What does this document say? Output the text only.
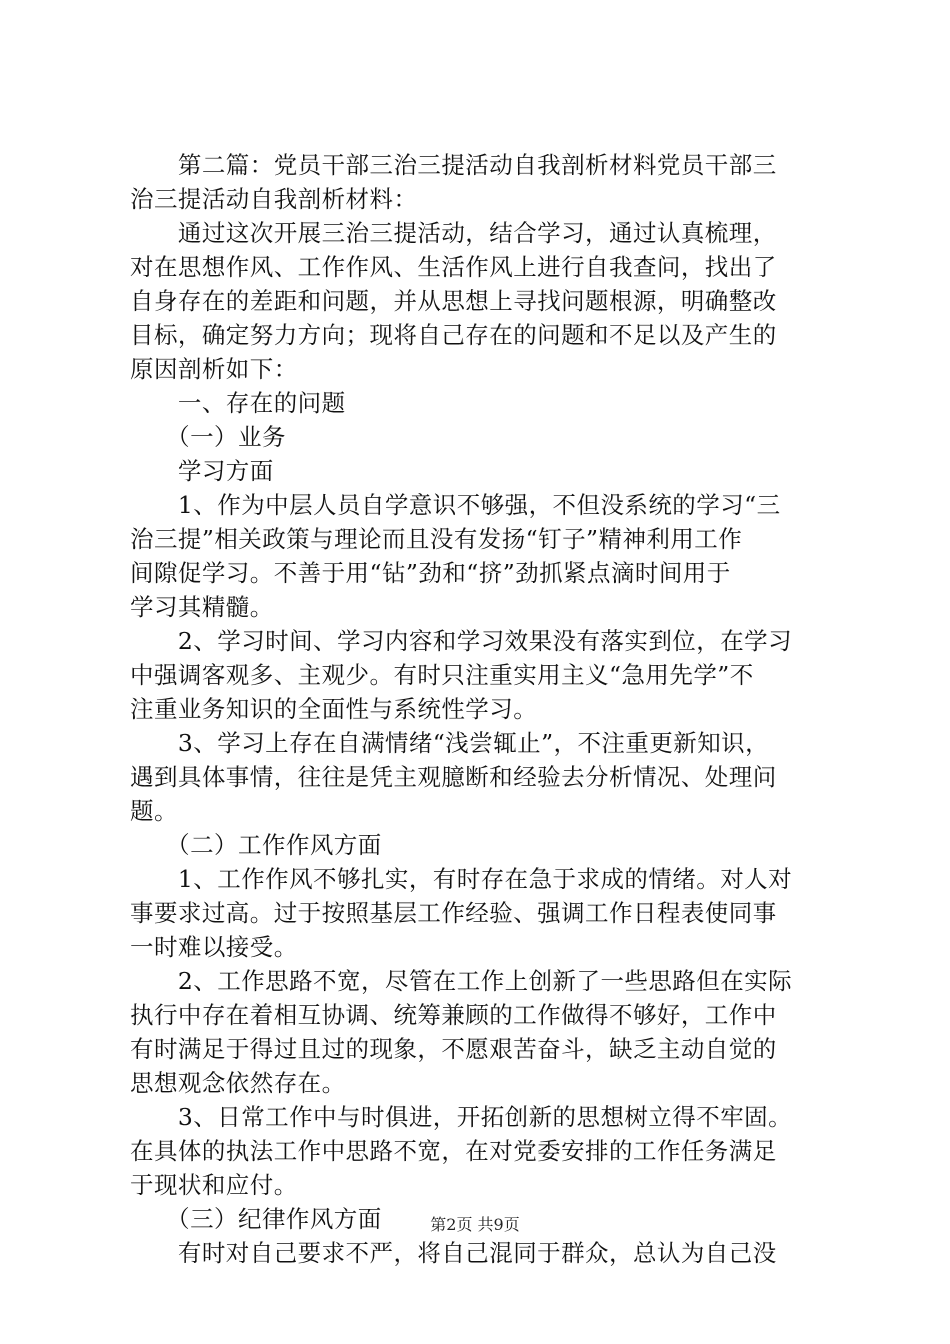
　　第二篇：党员干部三治三提活动自我剖析材料党员干部三
治三提活动自我剖析材料：
　　通过这次开展三治三提活动，结合学习，通过认真梳理，
对在思想作风、工作作风、生活作风上进行自我查问，找出了
自身存在的差距和问题，并从思想上寻找问题根源，明确整改
目标，确定努力方向；现将自己存在的问题和不足以及产生的
原因剖析如下：
　　一、存在的问题
　　（一）业务
　　学习方面
　　1、作为中层人员自学意识不够强，不但没系统的学习“三
治三提”相关政策与理论而且没有发扬“钉子”精神利用工作
间隙促学习。不善于用“钻”劲和“挤”劲抓紧点滴时间用于
学习其精髓。
　　2、学习时间、学习内容和学习效果没有落实到位，在学习
中强调客观多、主观少。有时只注重实用主义“急用先学”不
注重业务知识的全面性与系统性学习。
　　3、学习上存在自满情绪“浅尝辄止”，不注重更新知识，
遇到具体事情，往往是凭主观臆断和经验去分析情况、处理问
题。
　　（二）工作作风方面
　　1、工作作风不够扎实，有时存在急于求成的情绪。对人对
事要求过高。过于按照基层工作经验、强调工作日程表使同事
一时难以接受。
　　2、工作思路不宽，尽管在工作上创新了一些思路但在实际
执行中存在着相互协调、统筹兼顾的工作做得不够好，工作中
有时满足于得过且过的现象，不愿艰苦奋斗，缺乏主动自觉的
思想观念依然存在。
　　3、日常工作中与时俱进，开拓创新的思想树立得不牢固。
在具体的执法工作中思路不宽，在对党委安排的工作任务满足
于现状和应付。
　　（三）纪律作风方面
　　有时对自己要求不严，将自己混同于群众，总认为自己没
第2页 共9页
